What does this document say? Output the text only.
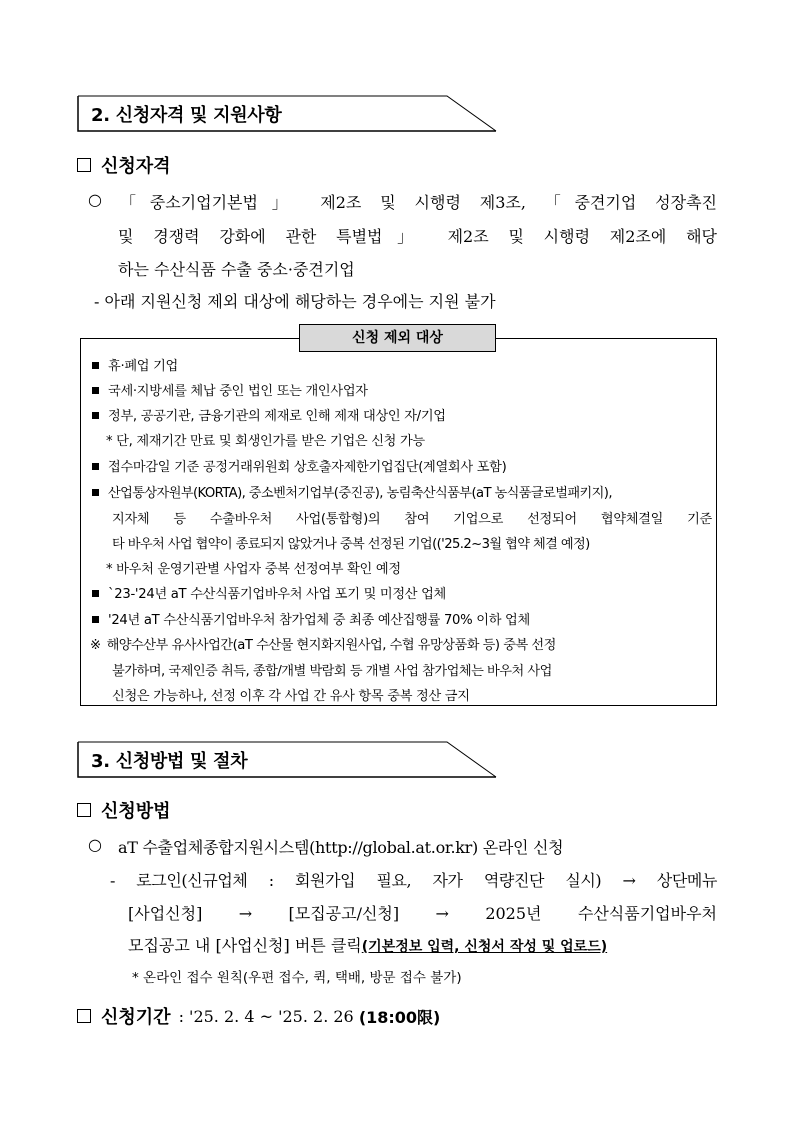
2. 신청자격 및 지원사항
신청자격
○ 「중소기업기본법」 제2조 및 시행령 제3조, 「중견기업 성장촉진
및 경쟁력 강화에 관한 특별법」 제2조 및 시행령 제2조에 해당
하는 수산식품 수출 중소·중견기업
- 아래 지원신청 제외 대상에 해당하는 경우에는 지원 불가
신청 제외 대상
휴·폐업 기업
국세·지방세를 체납 중인 법인 또는 개인사업자
정부, 공공기관, 금융기관의 제재로 인해 제재 대상인 자/기업
* 단, 제재기간 만료 및 회생인가를 받은 기업은 신청 가능
접수마감일 기준 공정거래위원회 상호출자제한기업집단(계열회사 포함)
산업통상자원부(KORTA), 중소벤처기업부(중진공), 농림축산식품부(aT 농식품글로벌패키지),
지자체 등 수출바우처 사업(통합형)의 참여 기업으로 선정되어 협약체결일 기준
타 바우처 사업 협약이 종료되지 않았거나 중복 선정된 기업(('25.2~3월 협약 체결 예정)
* 바우처 운영기관별 사업자 중복 선정여부 확인 예정
`23-'24년 aT 수산식품기업바우처 사업 포기 및 미정산 업체
'24년 aT 수산식품기업바우처 참가업체 중 최종 예산집행률 70% 이하 업체
※ 해양수산부 유사사업간(aT 수산물 현지화지원사업, 수협 유망상품화 등) 중복 선정
불가하며, 국제인증 취득, 종합/개별 박람회 등 개별 사업 참가업체는 바우처 사업
신청은 가능하나, 선정 이후 각 사업 간 유사 항목 중복 정산 금지
3. 신청방법 및 절차
신청방법
○ aT 수출업체종합지원시스템(http://global.at.or.kr) 온라인 신청
- 로그인(신규업체 : 회원가입 필요, 자가 역량진단 실시) → 상단메뉴
[사업신청] → [모집공고/신청] → 2025년 수산식품기업바우처
모집공고 내 [사업신청] 버튼 클릭(기본정보 입력, 신청서 작성 및 업로드)
* 온라인 접수 원칙(우편 접수, 퀵, 택배, 방문 접수 불가)
신청기간 : '25. 2. 4 ~ '25. 2. 26 (18:00限)
